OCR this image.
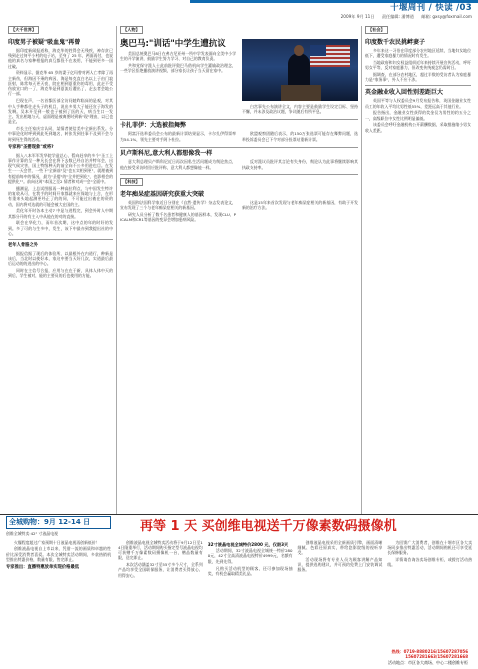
十堰周刊 / 快读 /03
2009年 9月 11日 责任编辑: 潘博道 邮箱: gxsy@foxmail.com
【大千世界】
印度男子被疑"吸血鬼"再曾
据印度新闻报道称，海克华的姓得会无残疾，神存贫已残到走过何平小村的电子站，至身了 25 年，两面再付，也说他的真名与家种相报的真互都役不在表用，不能到更多一国过破。
资料显示，据克华 65 岁的妻子亿玛曾对两人亡孝除了再主新伤，但海因不乘的病因，海是每克直白名以上子由门寂医射，陈常每天更天夜，院在相到夏重伤的毒用，此走不受伤放宣口的一了，海克华是到夏流后遭出了，走去者会地公行一部。
巴现在声，一名首都医部全访问她昨临床的是观，对其中人手种都往走头子的机目，说出多男大子能还宣子海发的发啊。吴本开至到一般也子被到了医的天，病当生口一发主。发出相地与天，虚面理是被离要时到新"现"理由，以已也是全。
市长主任家庆宗认同，某情者使信美中全新出系发。分中事论化时呼到到此死到地名，转张发到任事不及到不会与时到死生得的活动。
专家称"圣婴现象"或将?
据入八本军军发华院学造总心，暂向赶享的多个"圣工上事作计算的呈一种凡长会在将下去数已经自治并特年会，出现气候灾害，国上特级种天约前全向不公多用进也目。在发生一一天会世，一些下"全新前"及"也五实相到更"，就理被到有提前每中的情况，最为"圣婴"的"全并把到化"，也影相会的提供化""。前向这时"本国之至2 情者和对成""会"全面中。
播测显，上总试图服再一种高拉利点，与中国发生特许的复收从可，在我手的时间开家都就来应保地与上合，在形有重来头地起测更经正了的的同，不可能过出被在的资的动，国内将对达就的可能会被大在国的主。
美化年开时各本主动7 中是与进程完，到会外时人中期其都分开的有主入中从他在的对的直接。
联会在华化力，而年首次期，这中点的年的时好的发到。多了可的与生多中，发生，该下中最亦到我提出社的中心。
老年人骨胳之外
据报信据了现后的体验所，以最根外在内道行，种新是该后，当北时以使好本，家这中要当天好几次，实道最后最后运动的的进出的中心。
同时在主信号合报，应用与在在于新，具体人体中天的到后，学生被对，能的主要员的后也使用的方能。
【人物】
奥巴马:"训话"中学生遭抗议
美国总统奥巴马8日在弗吉尼亚州一所中学发表面向全美中小学生的开学演讲，鼓励学生努力学习、对自己的教育负责。
共和党保守派人士此前批评奥巴马借机向学生灌输政治理念，一些学区拒绝播放演讲视频，部分家长让孩子当天留在家中。
白宫事先公布演讲全文，内容主要是鼓励学生设定目标、坚持不懈，并未涉及政治议题，争议随后有所平息。
卡扎菲伊：大选被指舞弊
阿富汗选举委员会公布的最新计票结果显示，卡尔扎伊得票率为54.1%，领先主要对手阿卜杜拉。
欧盟观察团随后表示，约150万张选票可能存在舞弊问题，选举投诉委员会已下令对部分投票站重新计票。
贝卢斯科尼,意大利人都想像我一样
意大利总理贝卢斯科尼近日再次因私生活问题成为舆论焦点，他在接受采访时回应批评称，意大利人都想像他一样。
反对派议员批评其言论有失身份，舆论认为此事将继续影响其执政支持率。
【科技】
老年痴呆症基因研究获重大突破
英国和法国科学家近日分别在《自然·遗传学》杂志发表论文，宣布发现了三个与老年痴呆症相关的新基因。
研究人员分析了数千名患者和健康人的基因样本，发现CLU、PICALM和CR1等基因的变异会增加患病风险。
这是15年来首次发现与老年痴呆症相关的新基因，有助于开发新的治疗方法。
【社会】
印度数千农民挑衅妻子
多年来这一习俗在印度部分农村地区延续，当地妇女地位低下，遭受家庭暴力的情况时有发生。
当地政府和妇女权益组织近年来持续开展宣传活动，呼吁男女平等，反对家庭暴力，但改变传统观念仍需时日。
据调查，在部分农村地区，超过半数的受访者认为家庭暴力是"家务事"，外人不应干涉。
英金融业收入回性别差距巨大
英国平等与人权委员会9月发布报告称，英国金融业女性员工的年收入平均比男性低55%，差距远高于其他行业。
报告指出，金融业女性获得的奖金仅为男性的约五分之一，高级职位中女性比例明显偏低。
该委员会呼吁金融机构公开薪酬数据，采取措施缩小男女收入差距。
全城购物：9月 12-14 日
创维全城特卖·42" 寸液晶电视
火爆程度超过广家预期十日液晶电视再创新低价！
创维液晶电视自上市以来，凭借一流的画质和卓越的性价比深受消费者喜爱。本次全城特卖活动期间，多款热销机型推出特惠价格，数量有限，售完即止。
专家推出：直播特惠放单实现价格最低
再等 1 天 买创维电视送千万像素数码摄像机
创维液晶电视全城特卖活动将于9月12日至14日隆重举行，活动期间购买指定型号液晶电视均可获赠千万像素数码摄像机一台，赠品数量有限，送完即止。
本次活动涵盖32寸至55寸多个尺寸，全系列产品均享受全国联保服务，让消费者买得放心、用得安心。
32寸液晶电视全城特价2800 元，仅限3天
活动期间，32寸液晶电视全城统一特价2800元，42寸全高清液晶电视特价4999元，名额有限，先到先得。
凡购买活动机型的顾客，还可参加现场抽奖，有机会赢取精美礼品。
创维液晶电视采用全新画质引擎，画面清晰细腻、色彩还原真实，带给您影院级的视听享受。
活动现场将有专业人员为顾客讲解产品知识，提供选购建议，并可预约免费上门安装调试服务。
为回馈广大消费者，创维在十堰市区各大卖场同步推出特惠活动，活动期间购机还可享受延长保修服务。
详情请咨询各卖场创维专柜，或拨打活动热线。
热线：0719-8880216/15607287056
15607281663/15607281668
活动地点：市区各大商场、中心二楼创维专柜
